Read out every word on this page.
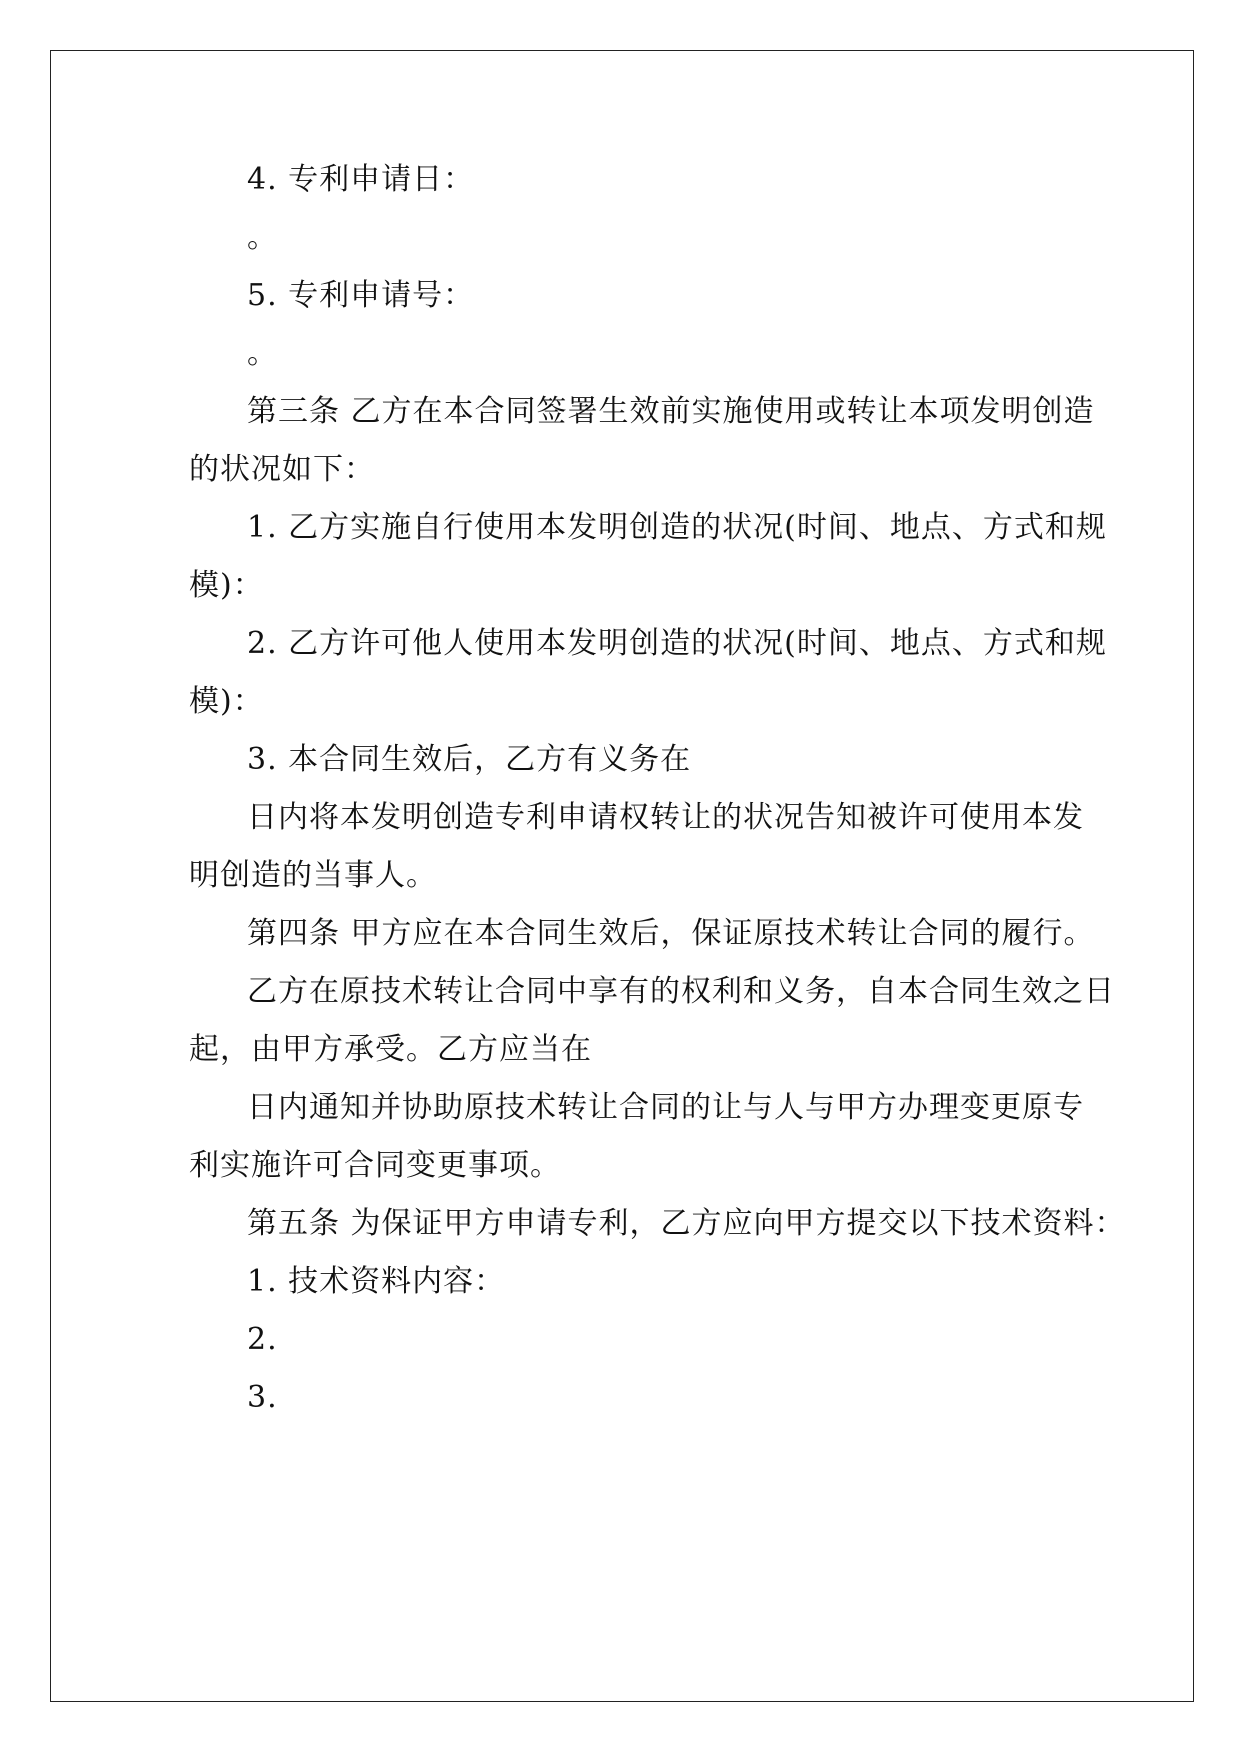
4. 专利申请日：
。
5. 专利申请号：
。
第三条 乙方在本合同签署生效前实施使用或转让本项发明创造
的状况如下：
1. 乙方实施自行使用本发明创造的状况(时间、地点、方式和规
模)：
2. 乙方许可他人使用本发明创造的状况(时间、地点、方式和规
模)：
3. 本合同生效后，乙方有义务在
日内将本发明创造专利申请权转让的状况告知被许可使用本发
明创造的当事人。
第四条 甲方应在本合同生效后，保证原技术转让合同的履行。
乙方在原技术转让合同中享有的权利和义务，自本合同生效之日
起，由甲方承受。乙方应当在
日内通知并协助原技术转让合同的让与人与甲方办理变更原专
利实施许可合同变更事项。
第五条 为保证甲方申请专利，乙方应向甲方提交以下技术资料：
1. 技术资料内容：
2.
3.
